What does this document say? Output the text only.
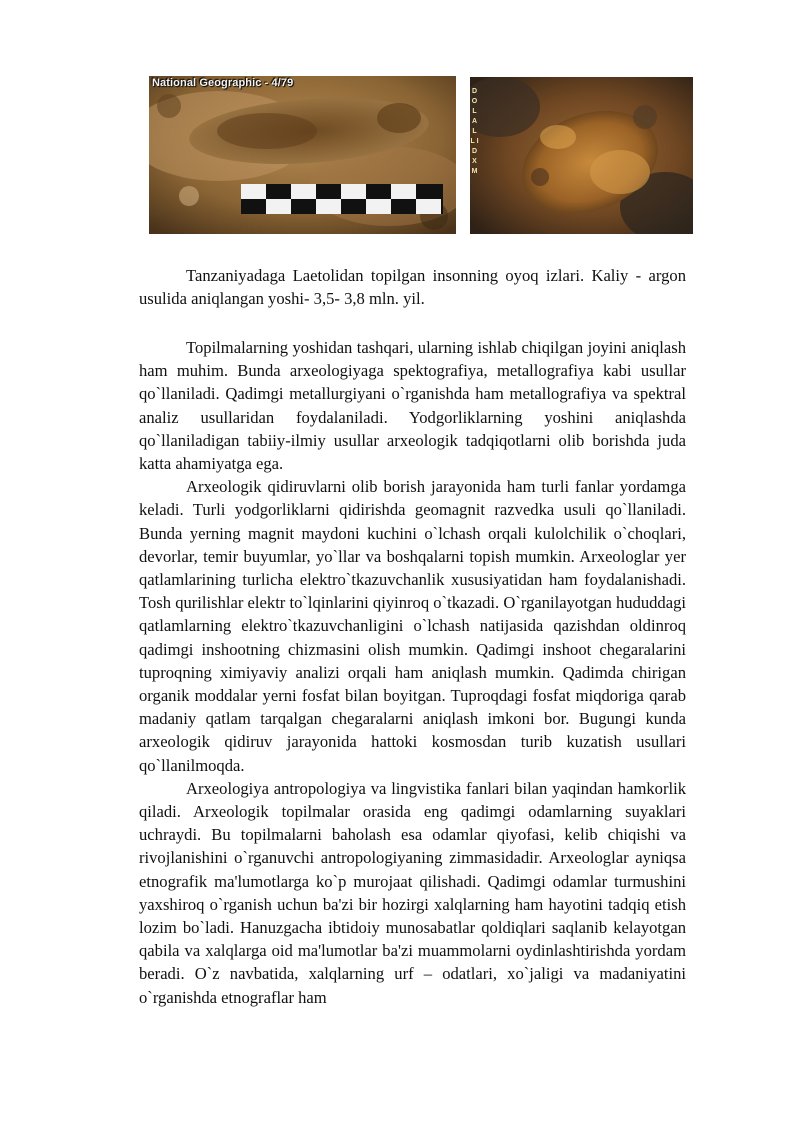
National Geographic - 4/79
D O L A L L I D X M

Tanzaniyadaga Laetolidan topilgan insonning oyoq izlari. Kaliy - argon usulida aniqlangan yoshi- 3,5- 3,8 mln. yil.

Topilmalarning yoshidan tashqari, ularning ishlab chiqilgan joyini aniqlash ham muhim. Bunda arxeologiyaga spektografiya, metallografiya kabi usullar qo`llaniladi. Qadimgi metallurgiyani o`rganishda ham metallografiya va spektral analiz usullaridan foydalaniladi. Yodgorliklarning yoshini aniqlashda qo`llaniladigan tabiiy-ilmiy usullar arxeologik tadqiqotlarni olib borishda juda katta ahamiyatga ega.

Arxeologik qidiruvlarni olib borish jarayonida ham turli fanlar yordamga keladi. Turli yodgorliklarni qidirishda geomagnit razvedka usuli qo`llaniladi. Bunda yerning magnit maydoni kuchini o`lchash orqali kulolchilik o`choqlari, devorlar, temir buyumlar, yo`llar va boshqalarni topish mumkin. Arxeologlar yer qatlamlarining turlicha elektro`tkazuvchanlik xususiyatidan ham foydalanishadi. Tosh qurilishlar elektr to`lqinlarini qiyinroq o`tkazadi. O`rganilayotgan hududdagi qatlamlarning elektro`tkazuvchanligini o`lchash natijasida qazishdan oldinroq qadimgi inshootning chizmasini olish mumkin. Qadimgi inshoot chegaralarini tuproqning ximiyaviy analizi orqali ham aniqlash mumkin. Qadimda chirigan organik moddalar yerni fosfat bilan boyitgan. Tuproqdagi fosfat miqdoriga qarab madaniy qatlam tarqalgan chegaralarni aniqlash imkoni bor. Bugungi kunda arxeologik qidiruv jarayonida hattoki kosmosdan turib kuzatish usullari qo`llanilmoqda.

Arxeologiya antropologiya va lingvistika fanlari bilan yaqindan hamkorlik qiladi. Arxeologik topilmalar orasida eng qadimgi odamlarning suyaklari uchraydi. Bu topilmalarni baholash esa odamlar qiyofasi, kelib chiqishi va rivojlanishini o`rganuvchi antropologiyaning zimmasidadir. Arxeologlar ayniqsa etnografik ma'lumotlarga ko`p murojaat qilishadi. Qadimgi odamlar turmushini yaxshiroq o`rganish uchun ba'zi bir hozirgi xalqlarning ham hayotini tadqiq etish lozim bo`ladi. Hanuzgacha ibtidoiy munosabatlar qoldiqlari saqlanib kelayotgan qabila va xalqlarga oid ma'lumotlar ba'zi muammolarni oydinlashtirishda yordam beradi. O`z navbatida, xalqlarning urf – odatlari, xo`jaligi va madaniyatini o`rganishda etnograflar ham
